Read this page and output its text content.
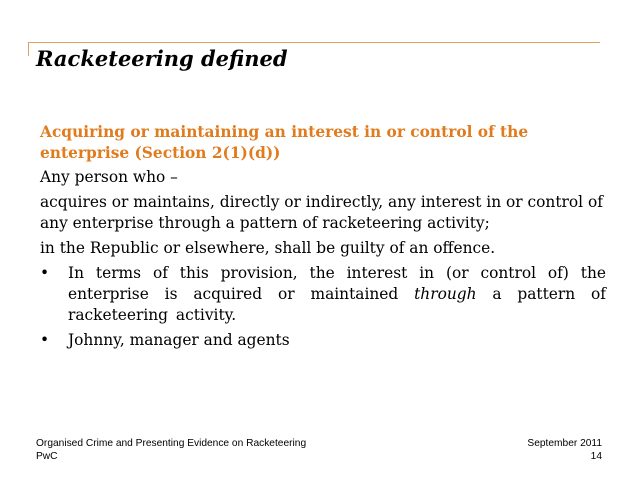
Racketeering defined

Acquiring or maintaining an interest in or control of the
enterprise (Section 2(1)(d))

Any person who –

acquires or maintains, directly or indirectly, any interest in or control of any enterprise through a pattern of racketeering activity;

in the Republic or elsewhere, shall be guilty of an offence.

• In terms of this provision, the interest in (or control of) the enterprise is acquired or maintained through a pattern of racketeering activity.
• Johnny, manager and agents
Organised Crime and Presenting Evidence on Racketeering
PwC
September 2011
14
